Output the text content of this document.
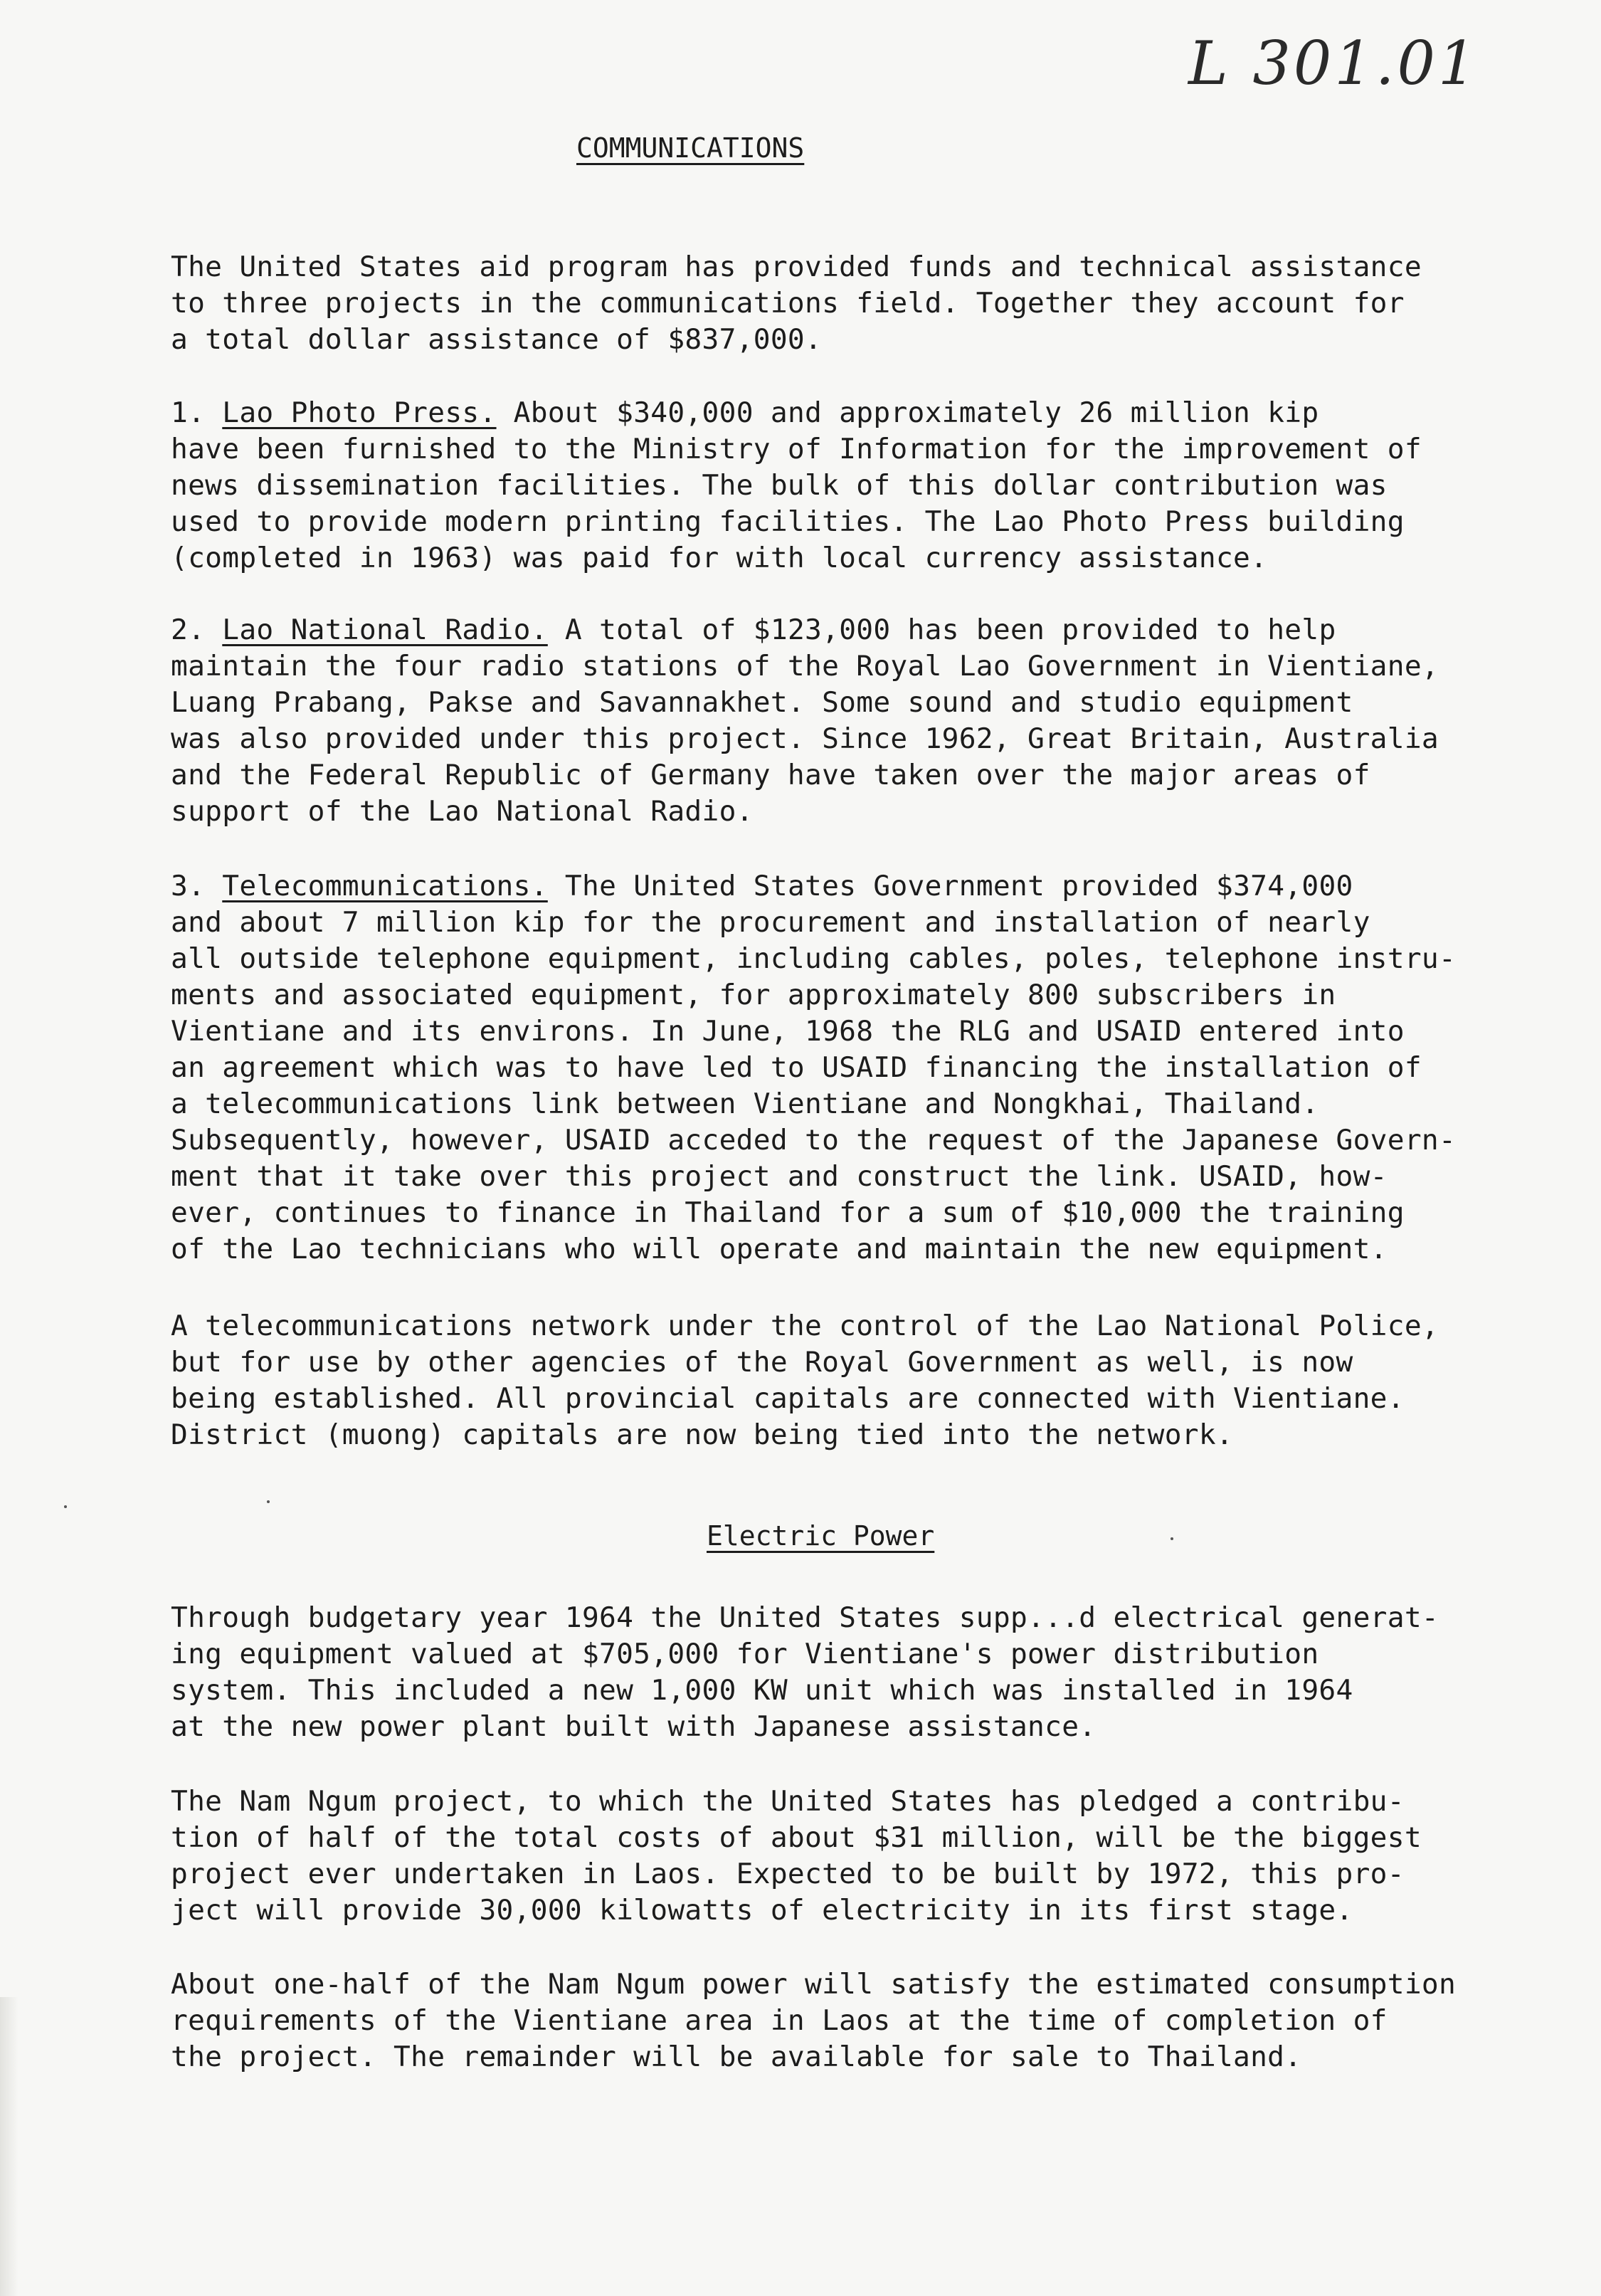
L 301.01
COMMUNICATIONS
The United States aid program has provided funds and technical assistance
to three projects in the communications field. Together they account for
a total dollar assistance of $837,000.
1. Lao Photo Press. About $340,000 and approximately 26 million kip
have been furnished to the Ministry of Information for the improvement of
news dissemination facilities. The bulk of this dollar contribution was
used to provide modern printing facilities. The Lao Photo Press building
(completed in 1963) was paid for with local currency assistance.
2. Lao National Radio. A total of $123,000 has been provided to help
maintain the four radio stations of the Royal Lao Government in Vientiane,
Luang Prabang, Pakse and Savannakhet. Some sound and studio equipment
was also provided under this project. Since 1962, Great Britain, Australia
and the Federal Republic of Germany have taken over the major areas of
support of the Lao National Radio.
3. Telecommunications. The United States Government provided $374,000
and about 7 million kip for the procurement and installation of nearly
all outside telephone equipment, including cables, poles, telephone instru-
ments and associated equipment, for approximately 800 subscribers in
Vientiane and its environs. In June, 1968 the RLG and USAID entered into
an agreement which was to have led to USAID financing the installation of
a telecommunications link between Vientiane and Nongkhai, Thailand.
Subsequently, however, USAID acceded to the request of the Japanese Govern-
ment that it take over this project and construct the link. USAID, how-
ever, continues to finance in Thailand for a sum of $10,000 the training
of the Lao technicians who will operate and maintain the new equipment.
A telecommunications network under the control of the Lao National Police,
but for use by other agencies of the Royal Government as well, is now
being established. All provincial capitals are connected with Vientiane.
District (muong) capitals are now being tied into the network.
Electric Power
Through budgetary year 1964 the United States supp...d electrical generat-
ing equipment valued at $705,000 for Vientiane's power distribution
system. This included a new 1,000 KW unit which was installed in 1964
at the new power plant built with Japanese assistance.
The Nam Ngum project, to which the United States has pledged a contribu-
tion of half of the total costs of about $31 million, will be the biggest
project ever undertaken in Laos. Expected to be built by 1972, this pro-
ject will provide 30,000 kilowatts of electricity in its first stage.
About one-half of the Nam Ngum power will satisfy the estimated consumption
requirements of the Vientiane area in Laos at the time of completion of
the project. The remainder will be available for sale to Thailand.
